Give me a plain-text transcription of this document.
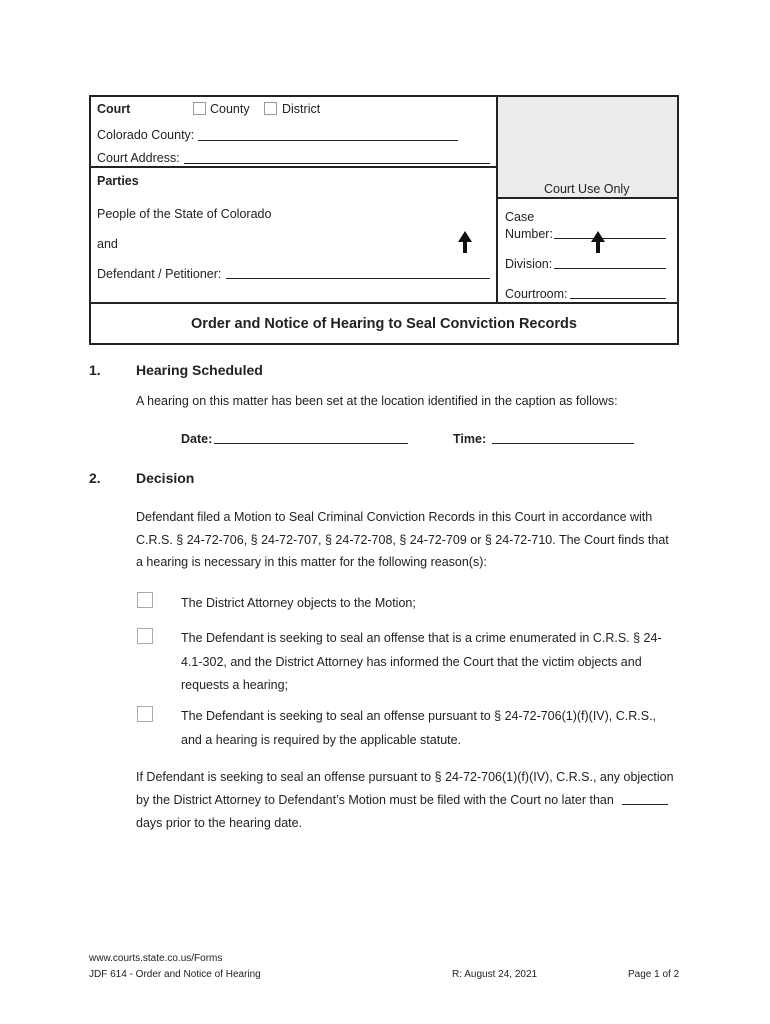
Court	County	District
Colorado County:
Court Address:
Parties
People of the State of Colorado
and
Defendant / Petitioner:
Court Use Only
Case
Number:
Division:
Courtroom:
Order and Notice of Hearing to Seal Conviction Records
1.	Hearing Scheduled
A hearing on this matter has been set at the location identified in the caption as follows:
Date:	Time:
2.	Decision
Defendant filed a Motion to Seal Criminal Conviction Records in this Court in accordance with
C.R.S. § 24-72-706, § 24-72-707, § 24-72-708, § 24-72-709 or § 24-72-710. The Court finds that
a hearing is necessary in this matter for the following reason(s):
The District Attorney objects to the Motion;
The Defendant is seeking to seal an offense that is a crime enumerated in C.R.S. § 24-
4.1-302, and the District Attorney has informed the Court that the victim objects and
requests a hearing;
The Defendant is seeking to seal an offense pursuant to § 24-72-706(1)(f)(IV), C.R.S.,
and a hearing is required by the applicable statute.
If Defendant is seeking to seal an offense pursuant to § 24-72-706(1)(f)(IV), C.R.S., any objection
by the District Attorney to Defendant’s Motion must be filed with the Court no later than
days prior to the hearing date.
www.courts.state.co.us/Forms
JDF 614 - Order and Notice of Hearing	R: August 24, 2021	Page 1 of 2
